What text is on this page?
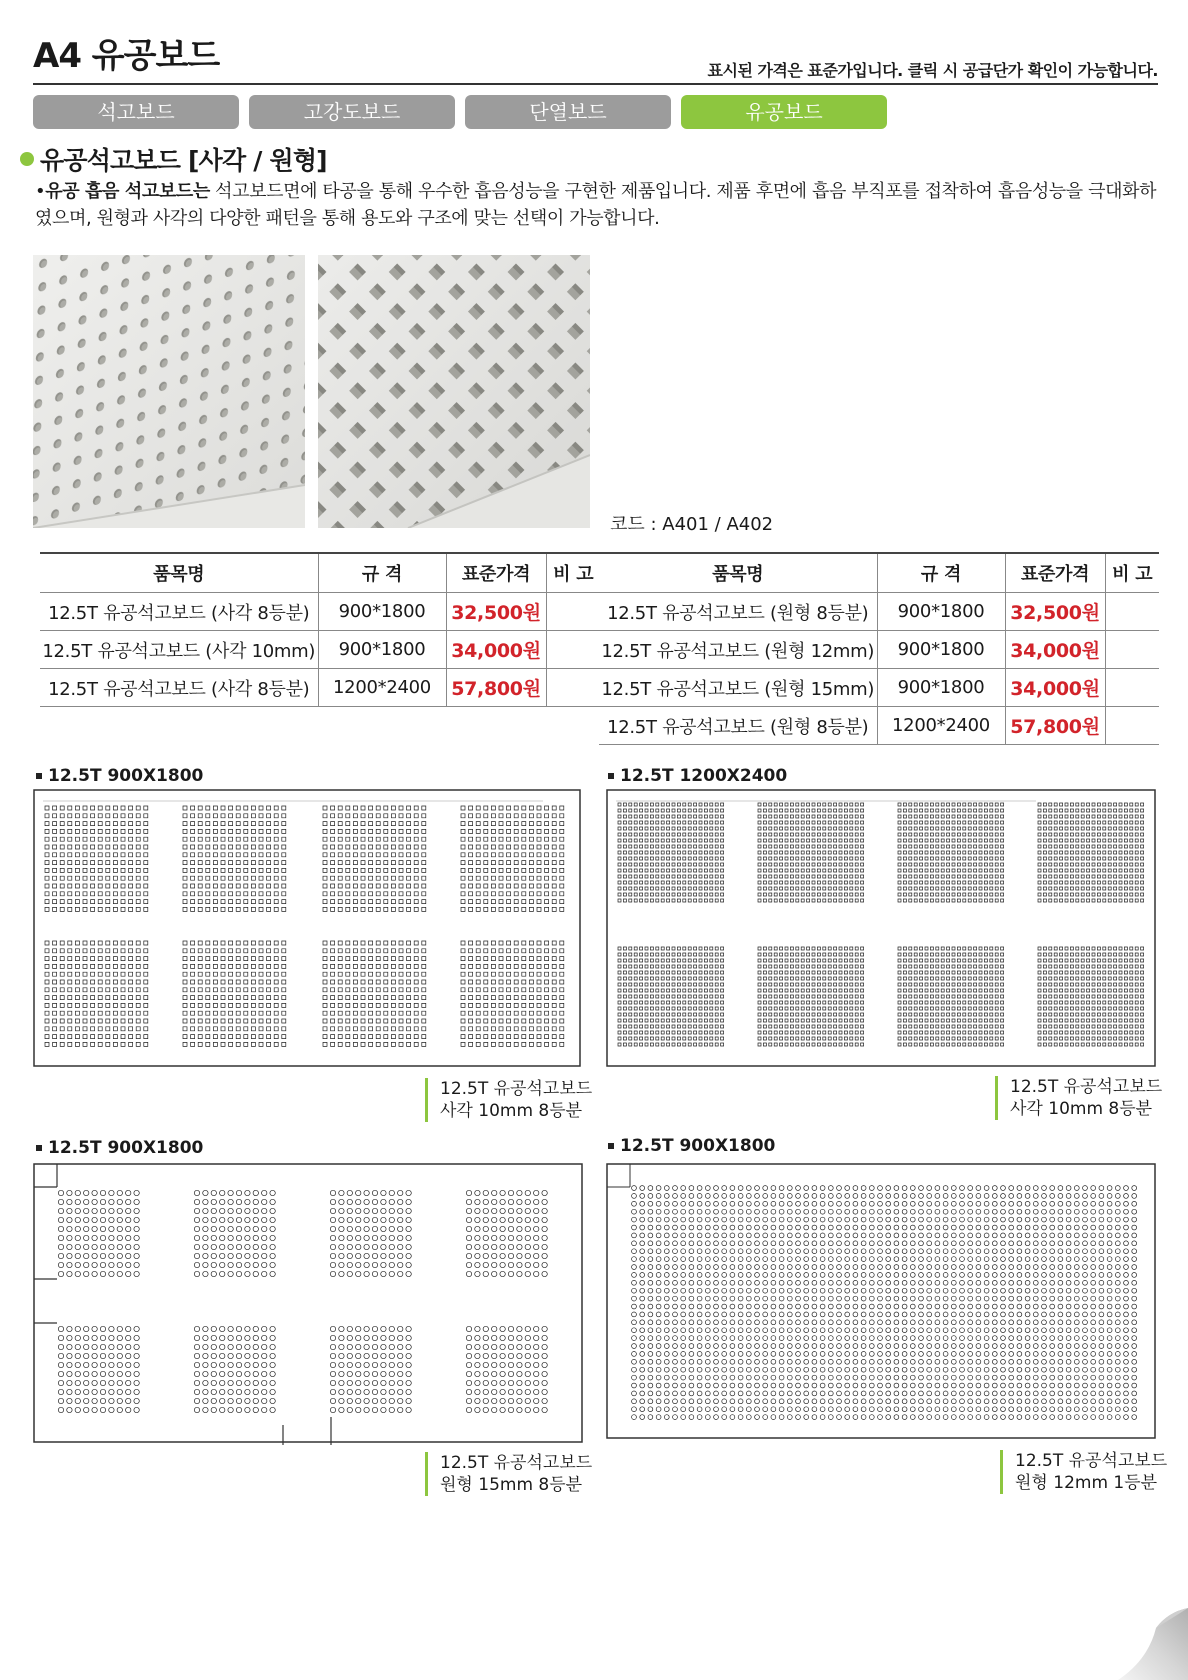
A4 유공보드	표시된 가격은 표준가입니다. 클릭 시 공급단가 확인이 가능합니다.
석고보드	고강도보드	단열보드	유공보드
유공석고보드 [사각 / 원형]
•유공 흡음 석고보드는 석고보드면에 타공을 통해 우수한 흡음성능을 구현한 제품입니다. 제품 후면에 흡음 부직포를 접착하여 흡음성능을 극대화하였으며, 원형과 사각의 다양한 패턴을 통해 용도와 구조에 맞는 선택이 가능합니다.
코드 : A401 / A402
품목명	규 격	표준가격	비 고
12.5T 유공석고보드 (사각 8등분)	900*1800	32,500원	
12.5T 유공석고보드 (사각 10mm)	900*1800	34,000원	
12.5T 유공석고보드 (사각 8등분)	1200*2400	57,800원	
품목명	규 격	표준가격	비 고
12.5T 유공석고보드 (원형 8등분)	900*1800	32,500원	
12.5T 유공석고보드 (원형 12mm)	900*1800	34,000원	
12.5T 유공석고보드 (원형 15mm)	900*1800	34,000원	
12.5T 유공석고보드 (원형 8등분)	1200*2400	57,800원	
12.5T 900X1800
12.5T 유공석고보드
사각 10mm 8등분
12.5T 1200X2400
12.5T 유공석고보드
사각 10mm 8등분
12.5T 900X1800
12.5T 유공석고보드
원형 15mm 8등분
12.5T 900X1800
12.5T 유공석고보드
원형 12mm 1등분
